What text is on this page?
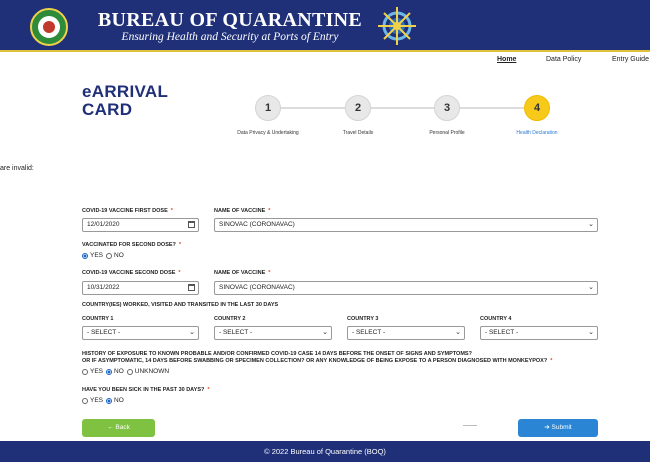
BUREAU OF QUARANTINE
Ensuring Health and Security at Ports of Entry
Home	Data Policy	Entry Guide
eARRIVAL
CARD	1	2	3	4
Data Privacy & Undertaking	Travel Details	Personal Profile	Health Declaration
are invalid:
COVID-19 VACCINE FIRST DOSE *
12/01/2020
NAME OF VACCINE *
SINOVAC (CORONAVAC)	⌄
VACCINATED FOR SECOND DOSE? *
YES NO
COVID-19 VACCINE SECOND DOSE *
10/31/2022
NAME OF VACCINE *
SINOVAC (CORONAVAC)	⌄
COUNTRY(IES) WORKED, VISITED AND TRANSITED IN THE LAST 30 DAYS
COUNTRY 1
- SELECT -	⌄
COUNTRY 2
- SELECT -	⌄
COUNTRY 3
- SELECT -	⌄
COUNTRY 4
- SELECT -	⌄
HISTORY OF EXPOSURE TO KNOWN PROBABLE AND/OR CONFIRMED COVID-19 CASE 14 DAYS BEFORE THE ONSET OF SIGNS AND SYMPTOMS?
OR IF ASYMPTOMATIC, 14 DAYS BEFORE SWABBING OR SPECIMEN COLLECTION? OR ANY KNOWLEDGE OF BEING EXPOSE TO A PERSON DIAGNOSED WITH MONKEYPOX? *
YES NO UNKNOWN
HAVE YOU BEEN SICK IN THE PAST 30 DAYS? *
YES NO
← Back	➔ Submit
© 2022 Bureau of Quarantine (BOQ)
